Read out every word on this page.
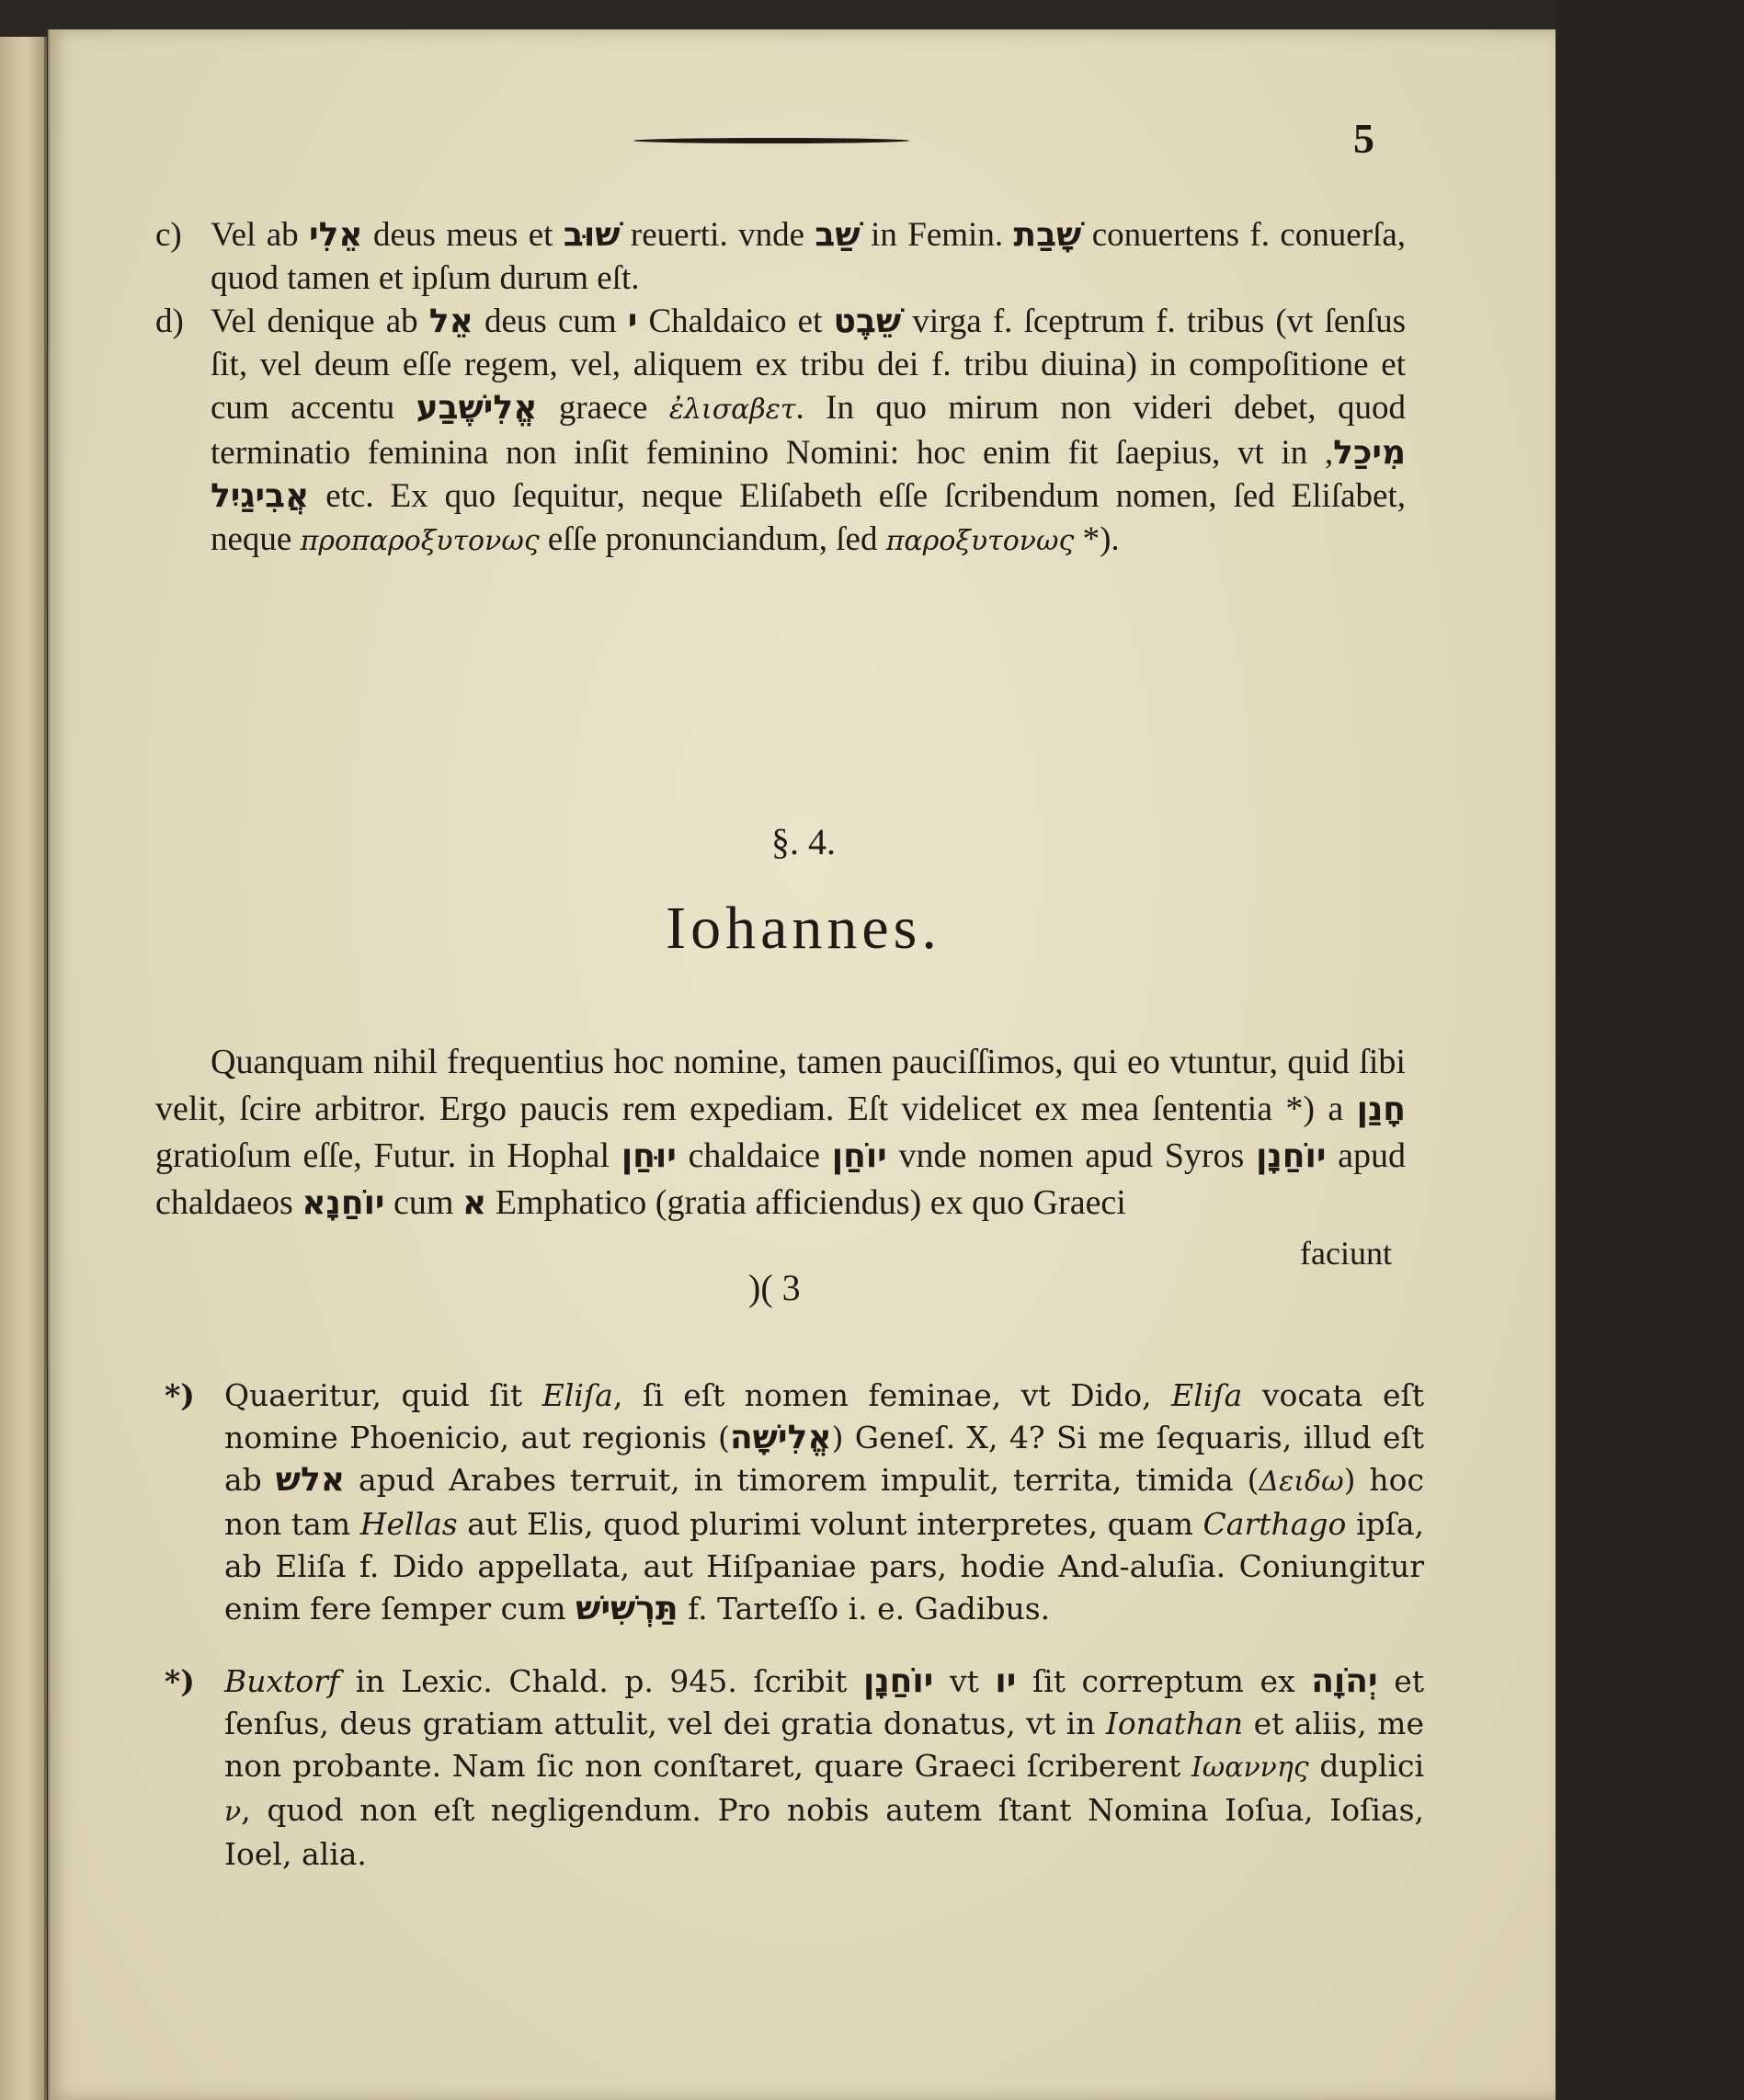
5

c) Vel ab אֵלִי deus meus et שׁוּב reuerti. vnde שַׁב in Femin. שָׁבַת conuertens f. conuerſa, quod tamen et ipſum durum eſt.

d) Vel denique ab אֵל deus cum י Chaldaico et שֵׁבֶט virga f. ſceptrum f. tribus (vt ſenſus ſit, vel deum eſſe regem, vel, aliquem ex tribu dei f. tribu diuina) in compoſitione et cum accentu אֱלִישֶׁבַע graece ἐλισαβετ. In quo mirum non videri debet, quod terminatio feminina non inſit feminino Nomini: hoc enim fit ſaepius, vt in מִיכַל, אֲבִיגַיִל etc. Ex quo ſequitur, neque Eliſabeth eſſe ſcribendum nomen, ſed Eliſabet, neque προπαροξυτονως eſſe pronunciandum, ſed παροξυτονως *).

§. 4.
Iohannes.

Quanquam nihil frequentius hoc nomine, tamen pauciſſimos, qui eo vtuntur, quid ſibi velit, ſcire arbitror. Ergo paucis rem expediam. Eſt videlicet ex mea ſententia *) a חָנַן gratioſum eſſe, Futur. in Hophal יוּחַן chaldaice יוֹחַן vnde nomen apud Syros יוֹחַנָן apud chaldaeos יוֹחַנָא cum א Emphatico (gratia afficiendus) ex quo Graeci

faciunt
)( 3

*) Quaeritur, quid ſit Eliſa, ſi eſt nomen feminae, vt Dido, Eliſa vocata eſt nomine Phoenicio, aut regionis (אֱלִישָׁה) Geneſ. X, 4? Si me ſequaris, illud eſt ab אלש apud Arabes terruit, in timorem impulit, territa, timida (Δειδω) hoc non tam Hellas aut Elis, quod plurimi volunt interpretes, quam Carthago ipſa, ab Eliſa f. Dido appellata, aut Hiſpaniae pars, hodie And-aluſia. Coniungitur enim fere ſemper cum תַּרְשִׁישׁ f. Tarteſſo i. e. Gadibus.

*) Buxtorf in Lexic. Chald. p. 945. ſcribit יוֹחַנָן vt יו ſit correptum ex יְהֹוָה et ſenſus, deus gratiam attulit, vel dei gratia donatus, vt in Ionathan et aliis, me non probante. Nam ſic non conſtaret, quare Graeci ſcriberent Ιωαννης duplici ν, quod non eſt negligendum. Pro nobis autem ſtant Nomina Ioſua, Ioſias, Ioel, alia.
